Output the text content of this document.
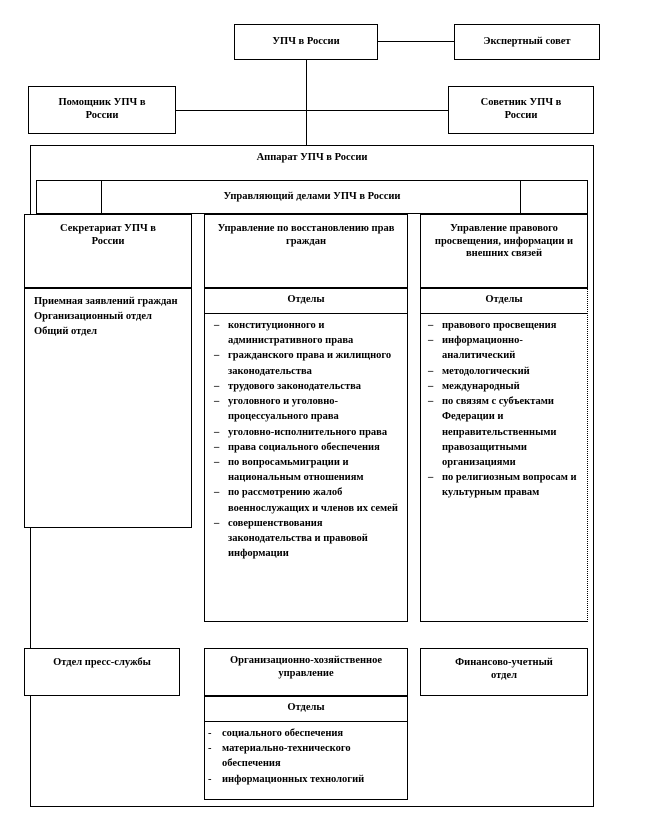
УПЧ в России	Экспертный совет
Помощник УПЧ в России
Советник УПЧ в России
Аппарат УПЧ в России
Управляющий делами УПЧ в России
Секретариат УПЧ в России
Приемная заявлений граждан
Организационный отдел
Общий отдел
Управление по восстановлению прав граждан
Отделы
– конституционного и административного права
– гражданского права и жилищного законодательства
– трудового законодательства
– уголовного и уголовно-процессуального права
– уголовно-исполнительного права
– права социального обеспечения
– по вопросамьмиграции и национальным отношениям
– по рассмотрению жалоб военнослужащих и членов их семей
– совершенствования законодательства и правовой информации
Управление правового просвещения, информации и внешних связей
Отделы
– правового просвещения
– информационно-аналитический
– методологический
– международный
– по связям с субъектами Федерации и неправительственными правозащитными организациями
– по религиозным вопросам и культурным правам
Отдел пресс-службы	Организационно-хозяйственное управление
Отделы
- социального обеспечения
- материально-технического обеспечения
- информационных технологий
Финансово-учетный отдел
